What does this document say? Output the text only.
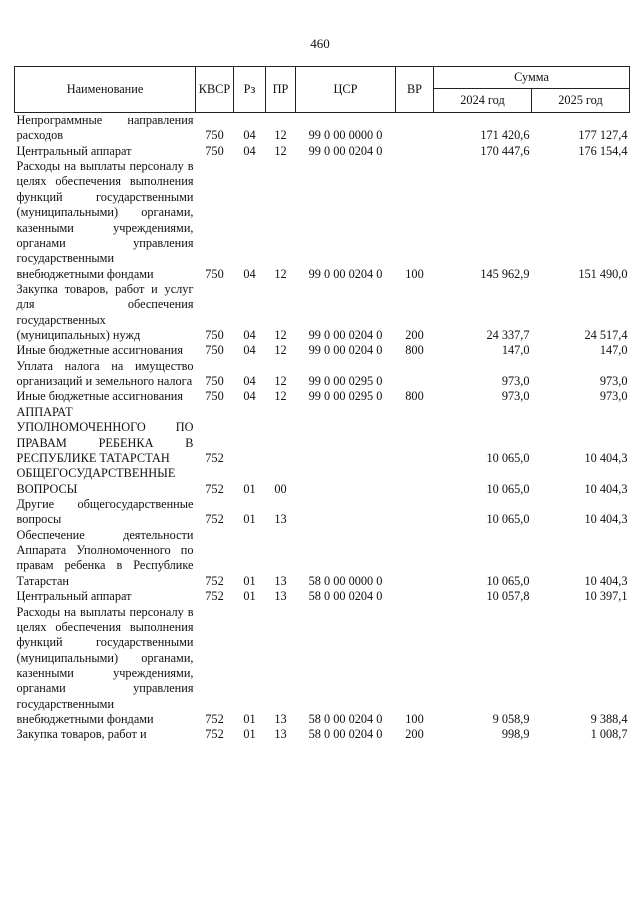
460
Наименование	КВСР	Рз	ПР	ЦСР	ВР	Сумма	
						2024 год	2025 год
Непрограммные направления расходов	750	04	12	99 0 00 0000 0		171 420,6	177 127,4
Центральный аппарат	750	04	12	99 0 00 0204 0		170 447,6	176 154,4
Расходы на выплаты персоналу в целях обеспечения выполнения функций государственными (муниципальными) органами, казенными учреждениями, органами управления государственными внебюджетными фондами	750	04	12	99 0 00 0204 0	100	145 962,9	151 490,0
Закупка товаров, работ и услуг для обеспечения государственных (муниципальных) нужд	750	04	12	99 0 00 0204 0	200	24 337,7	24 517,4
Иные бюджетные ассигнования	750	04	12	99 0 00 0204 0	800	147,0	147,0
Уплата налога на имущество организаций и земельного налога	750	04	12	99 0 00 0295 0		973,0	973,0
Иные бюджетные ассигнования	750	04	12	99 0 00 0295 0	800	973,0	973,0
АППАРАТ УПОЛНОМОЧЕННОГО ПО ПРАВАМ РЕБЕНКА В РЕСПУБЛИКЕ ТАТАРСТАН	752					10 065,0	10 404,3
ОБЩЕГОСУДАРСТВЕННЫЕ ВОПРОСЫ	752	01	00			10 065,0	10 404,3
Другие общегосударственные вопросы	752	01	13			10 065,0	10 404,3
Обеспечение деятельности Аппарата Уполномоченного по правам ребенка в Республике Татарстан	752	01	13	58 0 00 0000 0		10 065,0	10 404,3
Центральный аппарат	752	01	13	58 0 00 0204 0		10 057,8	10 397,1
Расходы на выплаты персоналу в целях обеспечения выполнения функций государственными (муниципальными) органами, казенными учреждениями, органами управления государственными внебюджетными фондами	752	01	13	58 0 00 0204 0	100	9 058,9	9 388,4
Закупка товаров, работ и	752	01	13	58 0 00 0204 0	200	998,9	1 008,7
